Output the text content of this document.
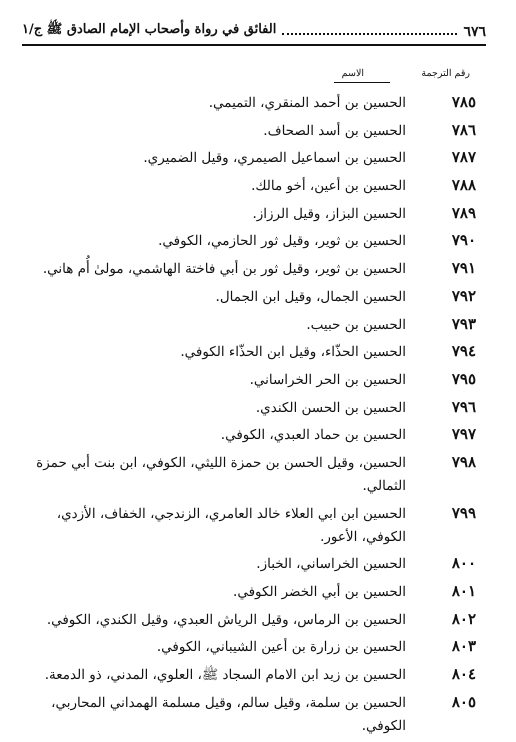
٦٧٦
الفائق في رواة وأصحاب الإمام الصادق ﷺ ج/١
رقم الترجمة
الاسم
٧٨٥
الحسين بن أحمد المنقري، التميمي.
٧٨٦
الحسين بن أسد الصحاف.
٧٨٧
الحسين بن اسماعيل الصيمري، وقيل الضميري.
٧٨٨
الحسين بن أعين، أخو مالك.
٧٨٩
الحسين البزاز، وقيل الرزاز.
٧٩٠
الحسين بن ثوير، وقيل ثور الحازمي، الكوفي.
٧٩١
الحسين بن ثوير، وقيل ثور بن أبي فاختة الهاشمي، مولىٰ أُم هاني.
٧٩٢
الحسين الجمال، وقيل ابن الجمال.
٧٩٣
الحسين بن حبيب.
٧٩٤
الحسين الحذّاء، وقيل ابن الحذّاء الكوفي.
٧٩٥
الحسين بن الحر الخراساني.
٧٩٦
الحسين بن الحسن الكندي.
٧٩٧
الحسين بن حماد العبدي، الكوفي.
٧٩٨
الحسين، وقيل الحسن بن حمزة الليثي، الكوفي، ابن بنت أبي حمزة الثمالي.
٧٩٩
الحسين ابن ابي العلاء خالد العامري، الزندجي، الخفاف، الأزدي، الكوفي، الأعور.
٨٠٠
الحسين الخراساني، الخباز.
٨٠١
الحسين بن أبي الخضر الكوفي.
٨٠٢
الحسين بن الرماس، وقيل الرياش العبدي، وقيل الكندي، الكوفي.
٨٠٣
الحسين بن زرارة بن أعين الشيباني، الكوفي.
٨٠٤
الحسين بن زيد ابن الامام السجاد ﷺ، العلوي، المدني، ذو الدمعة.
٨٠٥
الحسين بن سلمة، وقيل سالم، وقيل مسلمة الهمداني المحاربي، الكوفي.
